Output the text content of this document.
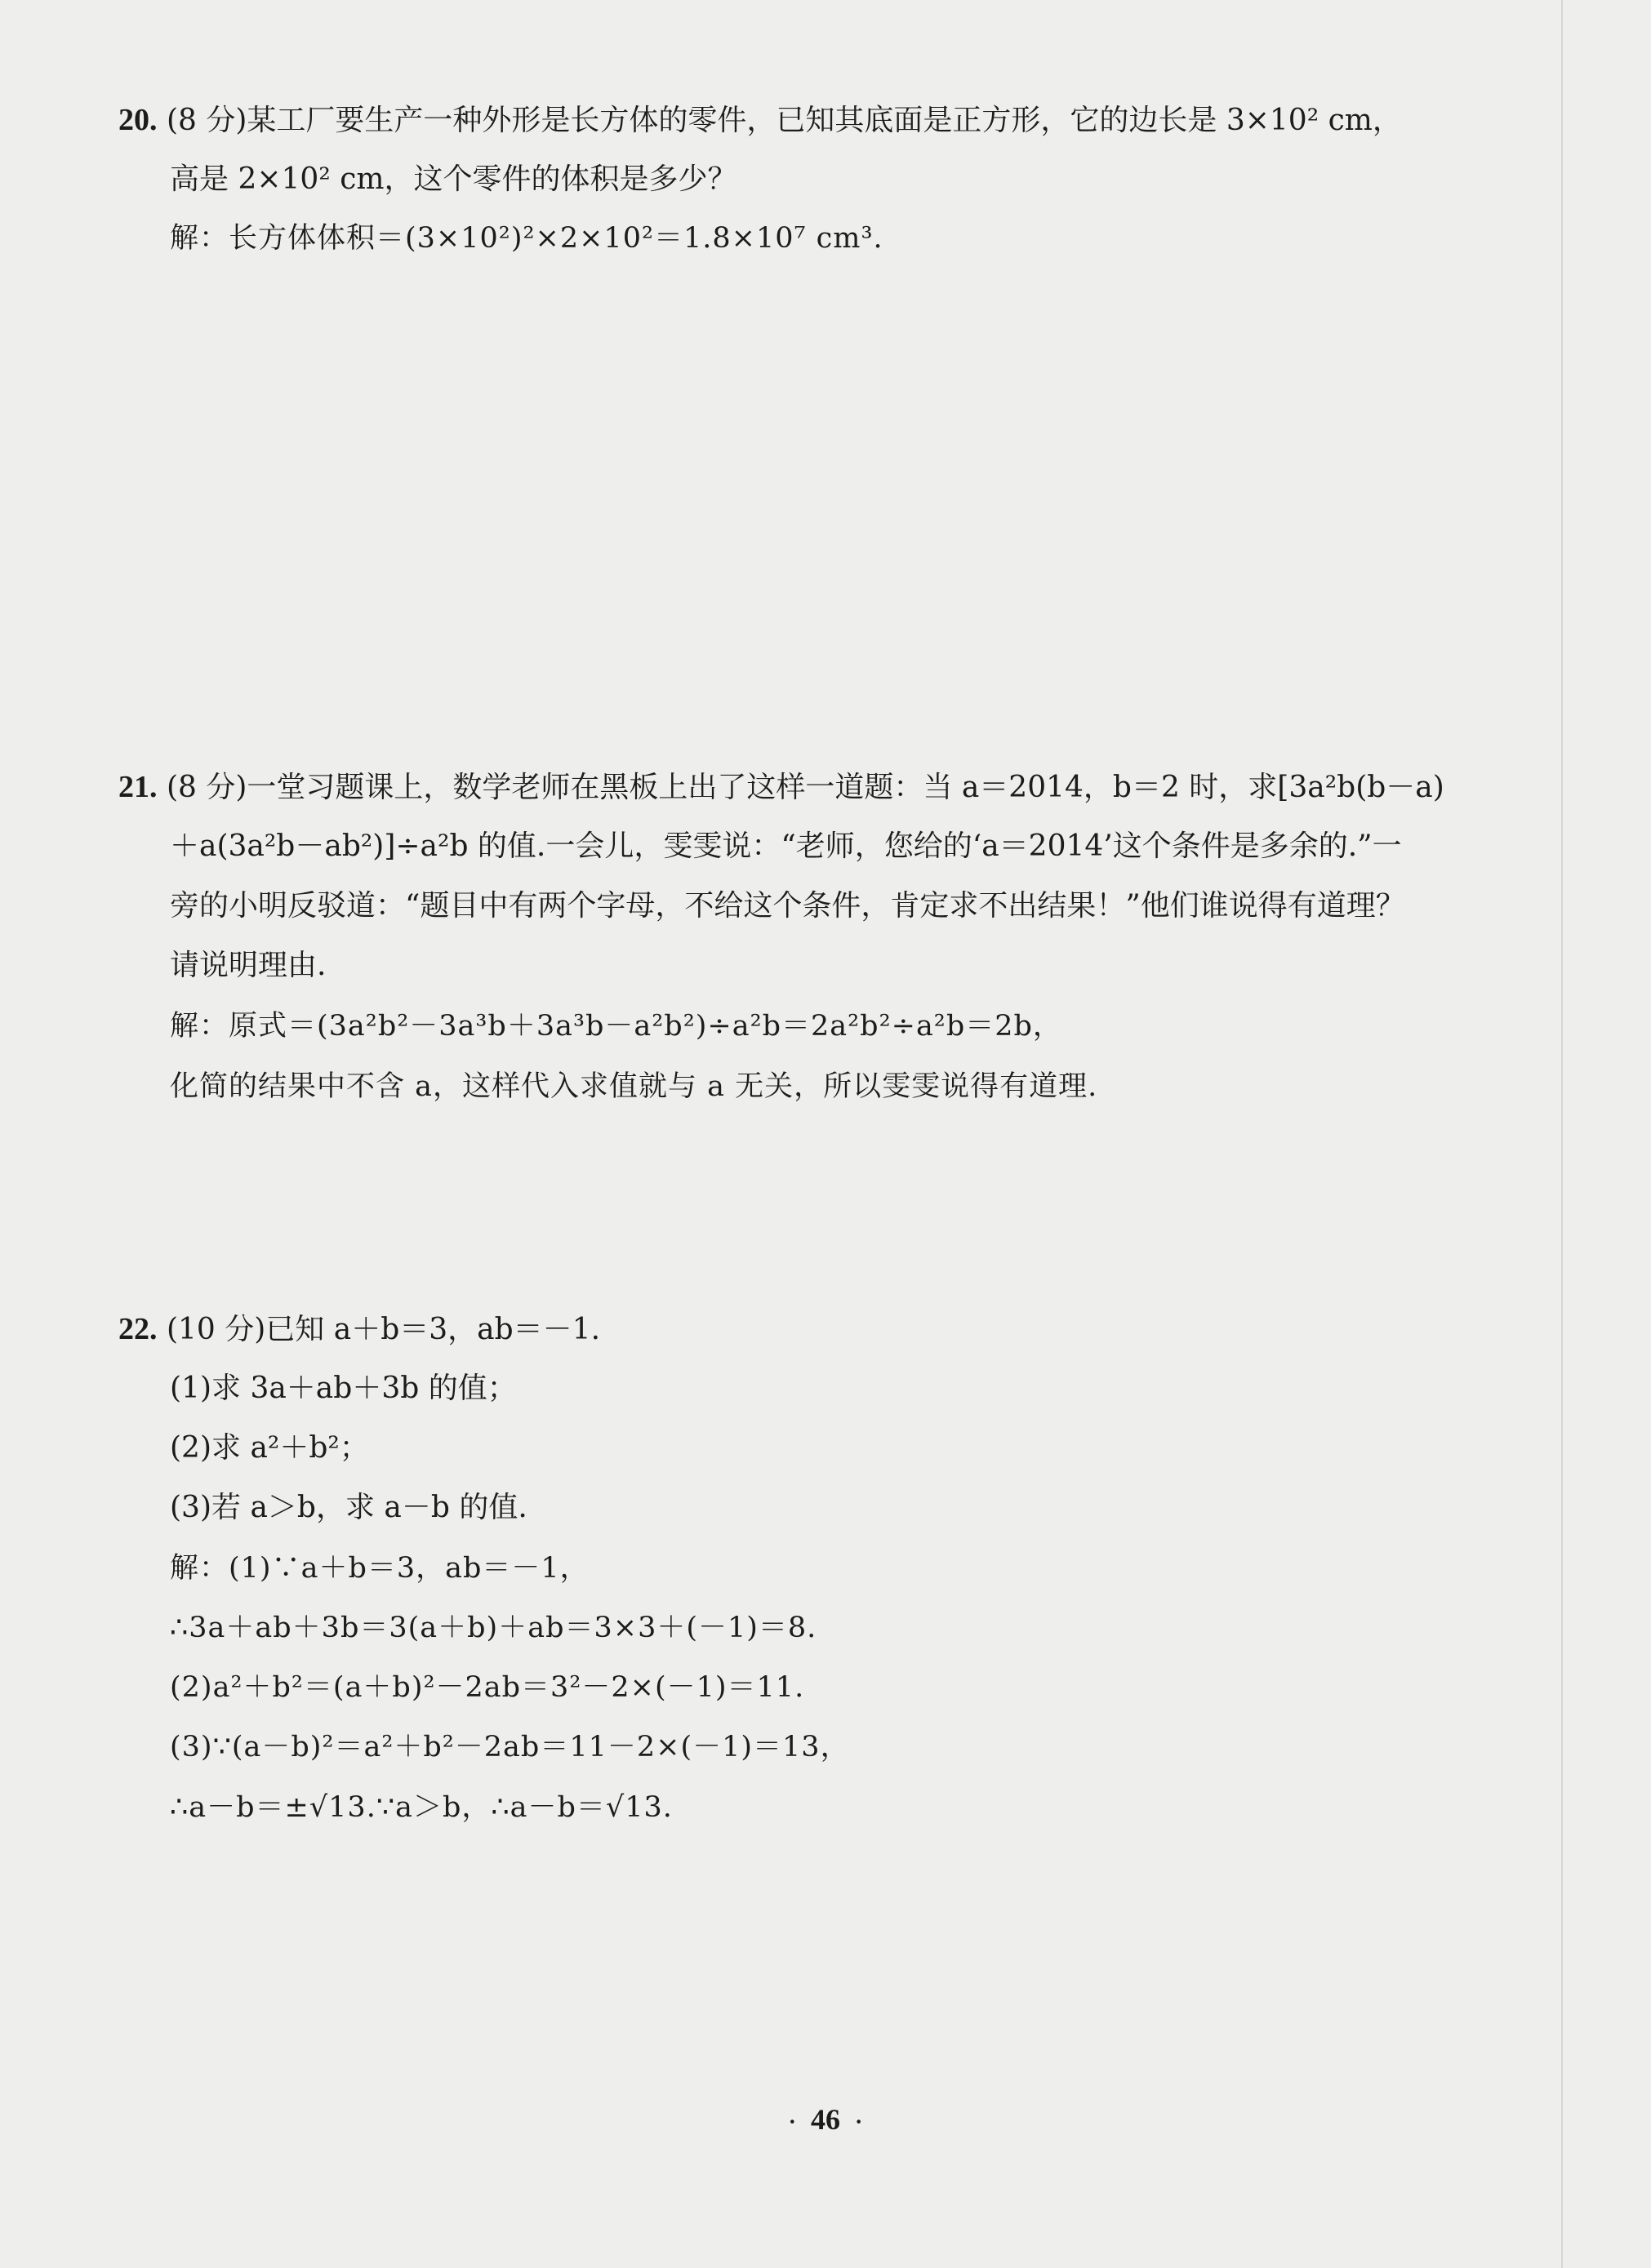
20. (8 分)某工厂要生产一种外形是长方体的零件，已知其底面是正方形，它的边长是 3×10² cm，
高是 2×10² cm，这个零件的体积是多少？
解：长方体体积＝(3×10²)²×2×10²＝1.8×10⁷ cm³.
21. (8 分)一堂习题课上，数学老师在黑板上出了这样一道题：当 a＝2014，b＝2 时，求[3a²b(b－a)
＋a(3a²b－ab²)]÷a²b 的值.一会儿，雯雯说：“老师，您给的‘a＝2014’这个条件是多余的.”一
旁的小明反驳道：“题目中有两个字母，不给这个条件，肯定求不出结果！”他们谁说得有道理？
请说明理由.
解：原式＝(3a²b²－3a³b＋3a³b－a²b²)÷a²b＝2a²b²÷a²b＝2b，
化简的结果中不含 a，这样代入求值就与 a 无关，所以雯雯说得有道理.
22. (10 分)已知 a＋b＝3，ab＝－1.
(1)求 3a＋ab＋3b 的值；
(2)求 a²＋b²；
(3)若 a＞b，求 a－b 的值.
解：(1)∵a＋b＝3，ab＝－1，
∴3a＋ab＋3b＝3(a＋b)＋ab＝3×3＋(－1)＝8.
(2)a²＋b²＝(a＋b)²－2ab＝3²－2×(－1)＝11.
(3)∵(a－b)²＝a²＋b²－2ab＝11－2×(－1)＝13，
∴a－b＝±√13.∵a＞b，∴a－b＝√13.
· 46 ·
